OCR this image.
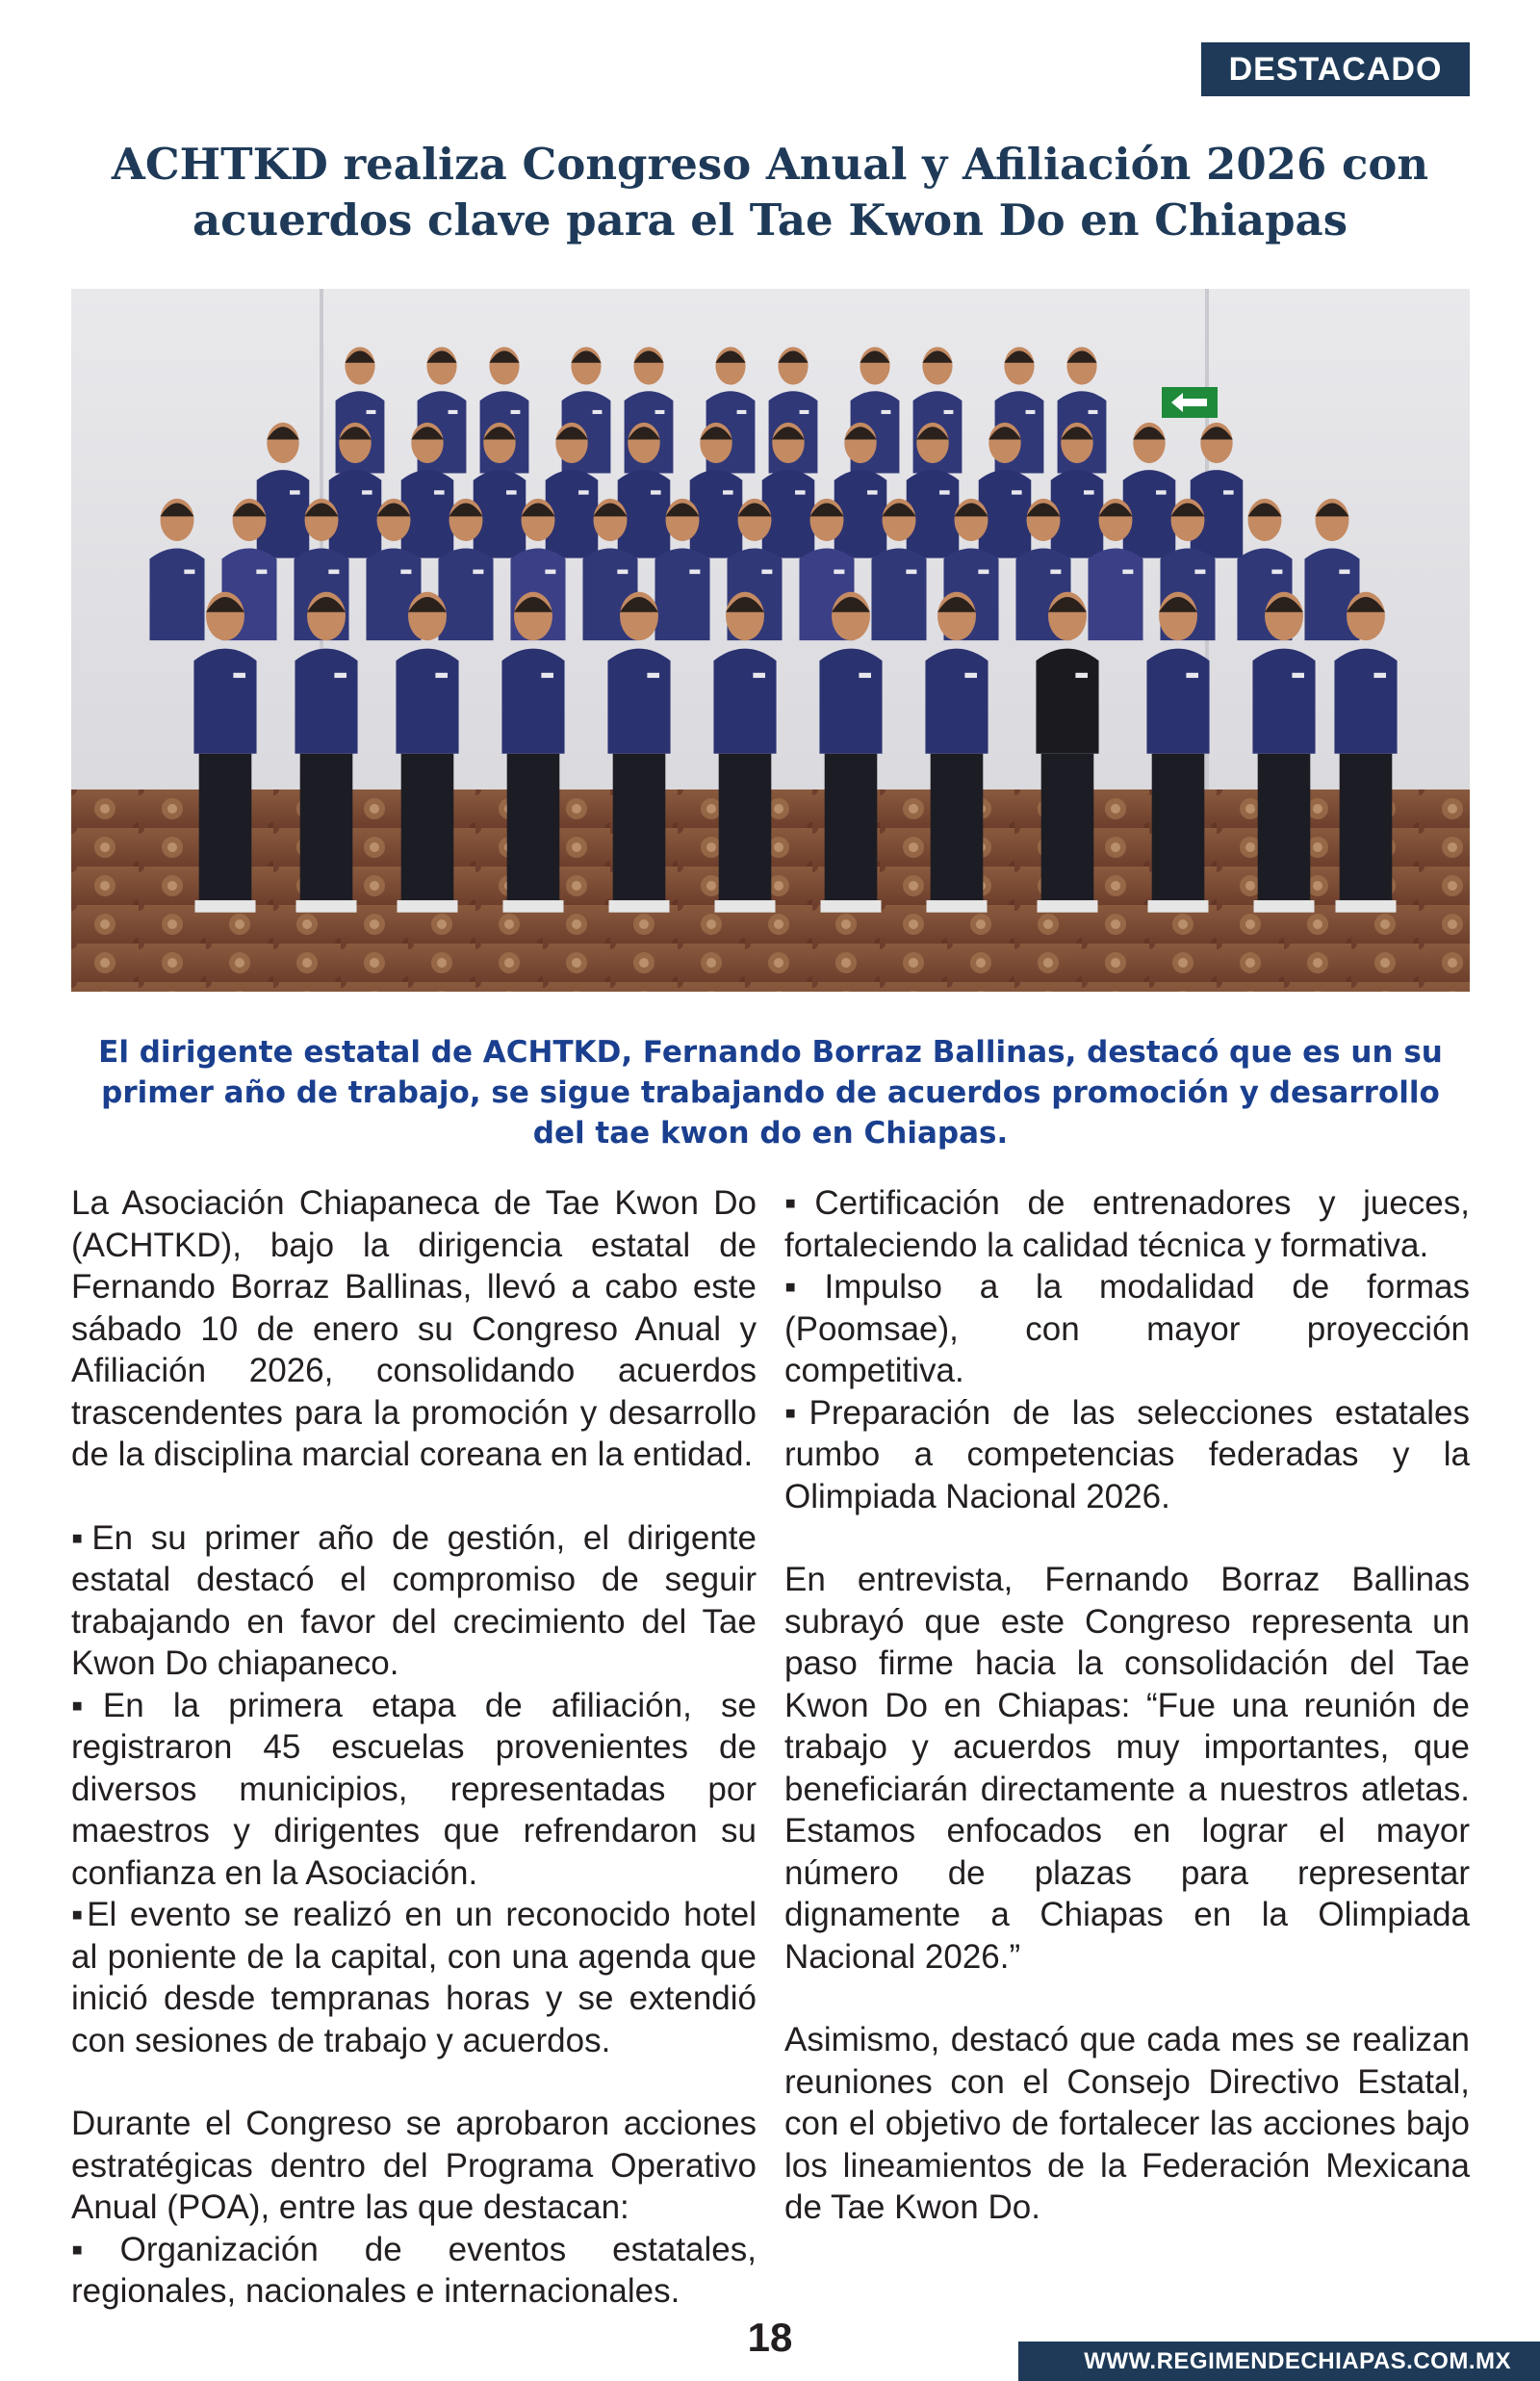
DESTACADO
ACHTKD realiza Congreso Anual y Afiliación 2026 con acuerdos clave para el Tae Kwon Do en Chiapas
El dirigente estatal de ACHTKD, Fernando Borraz Ballinas, destacó que es un su primer año de trabajo, se sigue trabajando de acuerdos promoción y desarrollo del tae kwon do en Chiapas.

La Asociación Chiapaneca de Tae Kwon Do (ACHTKD), bajo la dirigencia estatal de Fernando Borraz Ballinas, llevó a cabo este sábado 10 de enero su Congreso Anual y Afiliación 2026, consolidando acuerdos trascendentes para la promoción y desarrollo de la disciplina marcial coreana en la entidad.

▪En su primer año de gestión, el dirigente estatal destacó el compromiso de seguir trabajando en favor del crecimiento del Tae Kwon Do chiapaneco.

▪En la primera etapa de afiliación, se registraron 45 escuelas provenientes de diversos municipios, representadas por maestros y dirigentes que refrendaron su confianza en la Asociación.

▪El evento se realizó en un reconocido hotel al poniente de la capital, con una agenda que inició desde tempranas horas y se extendió con sesiones de trabajo y acuerdos.

Durante el Congreso se aprobaron acciones estratégicas dentro del Programa Operativo Anual (POA), entre las que destacan:

▪Organización de eventos estatales, regionales, nacionales e internacionales.

▪Certificación de entrenadores y jueces, fortaleciendo la calidad técnica y formativa.

▪Impulso a la modalidad de formas (Poomsae), con mayor proyección competitiva.

▪Preparación de las selecciones estatales rumbo a competencias federadas y la Olimpiada Nacional 2026.

En entrevista, Fernando Borraz Ballinas subrayó que este Congreso representa un paso firme hacia la consolidación del Tae Kwon Do en Chiapas: “Fue una reunión de trabajo y acuerdos muy importantes, que beneficiarán directamente a nuestros atletas. Estamos enfocados en lograr el mayor número de plazas para representar dignamente a Chiapas en la Olimpiada Nacional 2026.”

Asimismo, destacó que cada mes se realizan reuniones con el Consejo Directivo Estatal, con el objetivo de fortalecer las acciones bajo los lineamientos de la Federación Mexicana de Tae Kwon Do.

18
WWW.REGIMENDECHIAPAS.COM.MX
